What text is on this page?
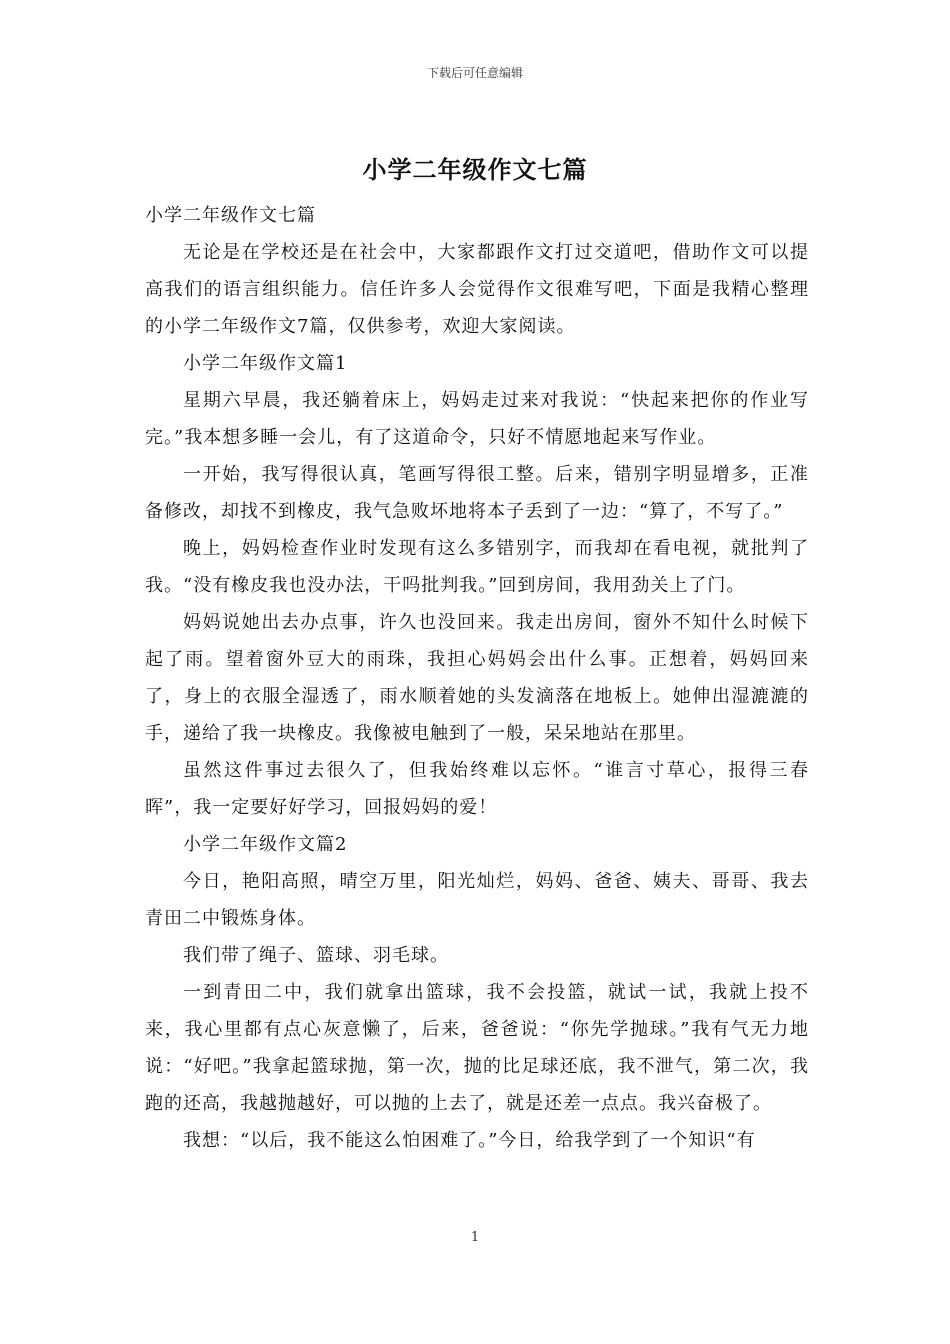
下载后可任意编辑
小学二年级作文七篇

小学二年级作文七篇

无论是在学校还是在社会中，大家都跟作文打过交道吧，借助作文可以提高我们的语言组织能力。信任许多人会觉得作文很难写吧，下面是我精心整理的小学二年级作文7篇，仅供参考，欢迎大家阅读。

小学二年级作文篇1

星期六早晨，我还躺着床上，妈妈走过来对我说：“快起来把你的作业写完。”我本想多睡一会儿，有了这道命令，只好不情愿地起来写作业。

一开始，我写得很认真，笔画写得很工整。后来，错别字明显增多，正准备修改，却找不到橡皮，我气急败坏地将本子丢到了一边：“算了，不写了。”

晚上，妈妈检查作业时发现有这么多错别字，而我却在看电视，就批判了我。“没有橡皮我也没办法，干吗批判我。”回到房间，我用劲关上了门。

妈妈说她出去办点事，许久也没回来。我走出房间，窗外不知什么时候下起了雨。望着窗外豆大的雨珠，我担心妈妈会出什么事。正想着，妈妈回来了，身上的衣服全湿透了，雨水顺着她的头发滴落在地板上。她伸出湿漉漉的手，递给了我一块橡皮。我像被电触到了一般，呆呆地站在那里。

虽然这件事过去很久了，但我始终难以忘怀。“谁言寸草心，报得三春晖”，我一定要好好学习，回报妈妈的爱！

小学二年级作文篇2

今日，艳阳高照，晴空万里，阳光灿烂，妈妈、爸爸、姨夫、哥哥、我去青田二中锻炼身体。

我们带了绳子、篮球、羽毛球。

一到青田二中，我们就拿出篮球，我不会投篮，就试一试，我就上投不来，我心里都有点心灰意懒了，后来，爸爸说：“你先学抛球。”我有气无力地说：“好吧。”我拿起篮球抛，第一次，抛的比足球还底，我不泄气，第二次，我跑的还高，我越抛越好，可以抛的上去了，就是还差一点点。我兴奋极了。

我想：“以后，我不能这么怕困难了。”今日，给我学到了一个知识“有

1
